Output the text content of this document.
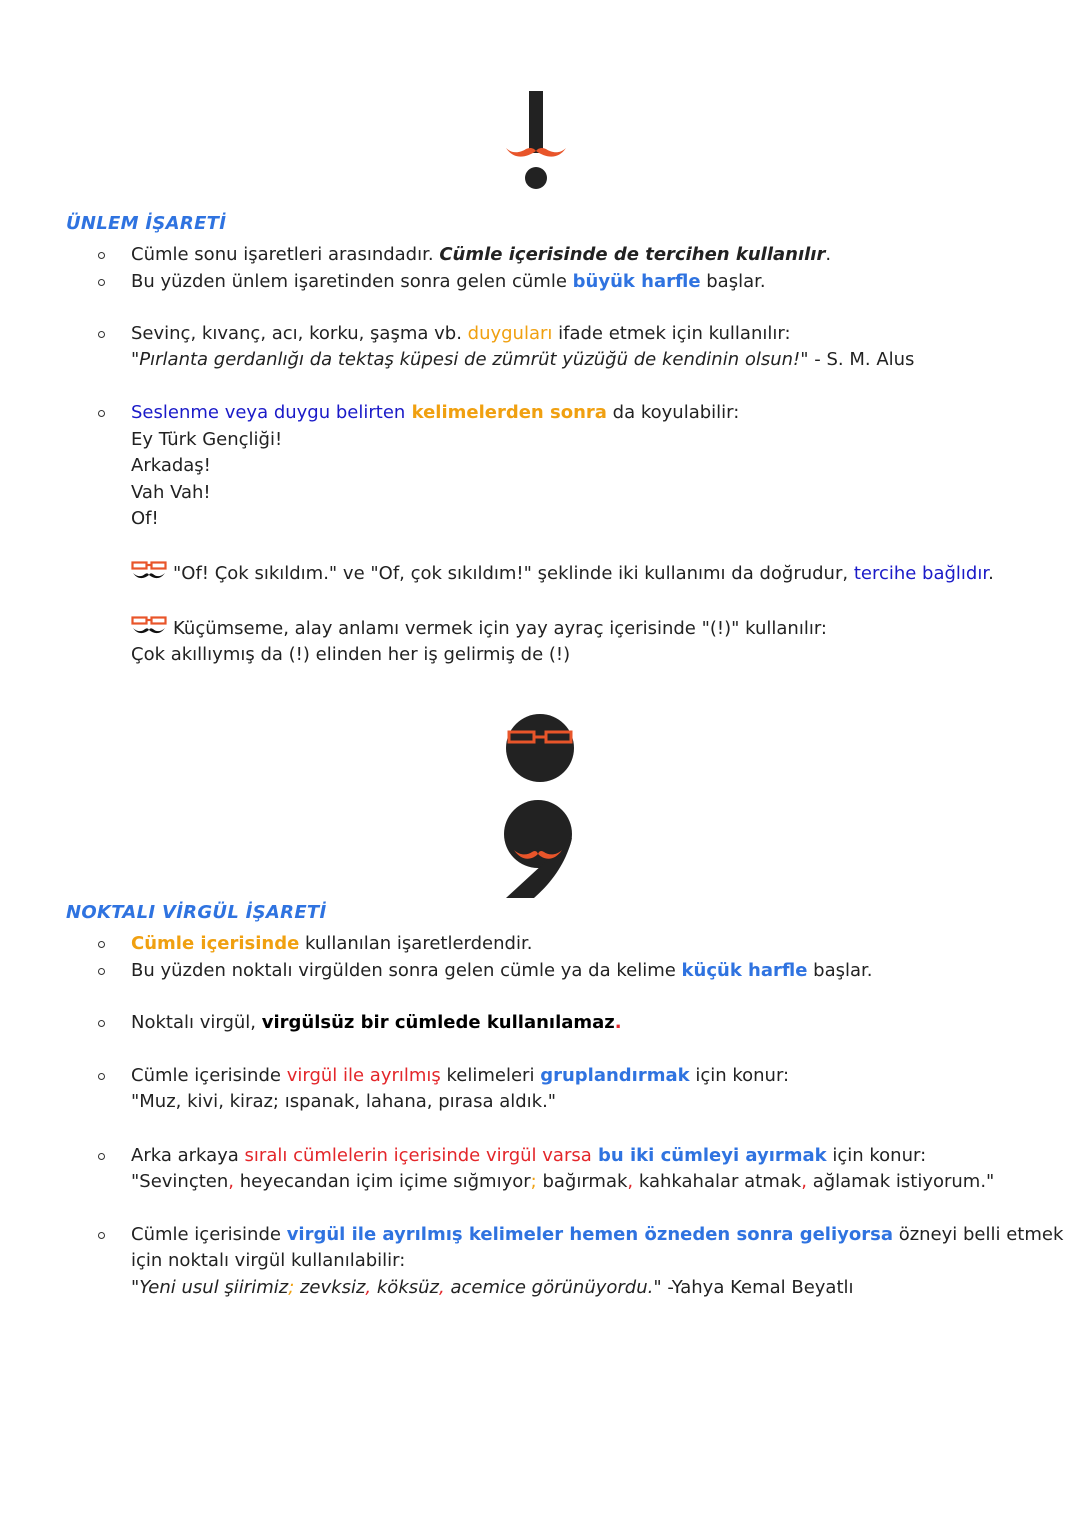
ÜNLEM İŞARETİ
Cümle sonu işaretleri arasındadır. Cümle içerisinde de tercihen kullanılır.
Bu yüzden ünlem işaretinden sonra gelen cümle büyük harfle başlar.
Sevinç, kıvanç, acı, korku, şaşma vb. duyguları ifade etmek için kullanılır:
"Pırlanta gerdanlığı da tektaş küpesi de zümrüt yüzüğü de kendinin olsun!" - S. M. Alus
Seslenme veya duygu belirten kelimelerden sonra da koyulabilir:
Ey Türk Gençliği!
Arkadaş!
Vah Vah!
Of!
"Of! Çok sıkıldım." ve "Of, çok sıkıldım!" şeklinde iki kullanımı da doğrudur, tercihe bağlıdır.
Küçümseme, alay anlamı vermek için yay ayraç içerisinde "(!)" kullanılır:
Çok akıllıymış da (!) elinden her iş gelirmiş de (!)
NOKTALI VİRGÜL İŞARETİ
Cümle içerisinde kullanılan işaretlerdendir.
Bu yüzden noktalı virgülden sonra gelen cümle ya da kelime küçük harfle başlar.
Noktalı virgül, virgülsüz bir cümlede kullanılamaz.
Cümle içerisinde virgül ile ayrılmış kelimeleri gruplandırmak için konur:
"Muz, kivi, kiraz; ıspanak, lahana, pırasa aldık."
Arka arkaya sıralı cümlelerin içerisinde virgül varsa bu iki cümleyi ayırmak için konur:
"Sevinçten, heyecandan içim içime sığmıyor; bağırmak, kahkahalar atmak, ağlamak istiyorum."
Cümle içerisinde virgül ile ayrılmış kelimeler hemen özneden sonra geliyorsa özneyi belli etmek
için noktalı virgül kullanılabilir:
"Yeni usul şiirimiz; zevksiz, köksüz, acemice görünüyordu." -Yahya Kemal Beyatlı
